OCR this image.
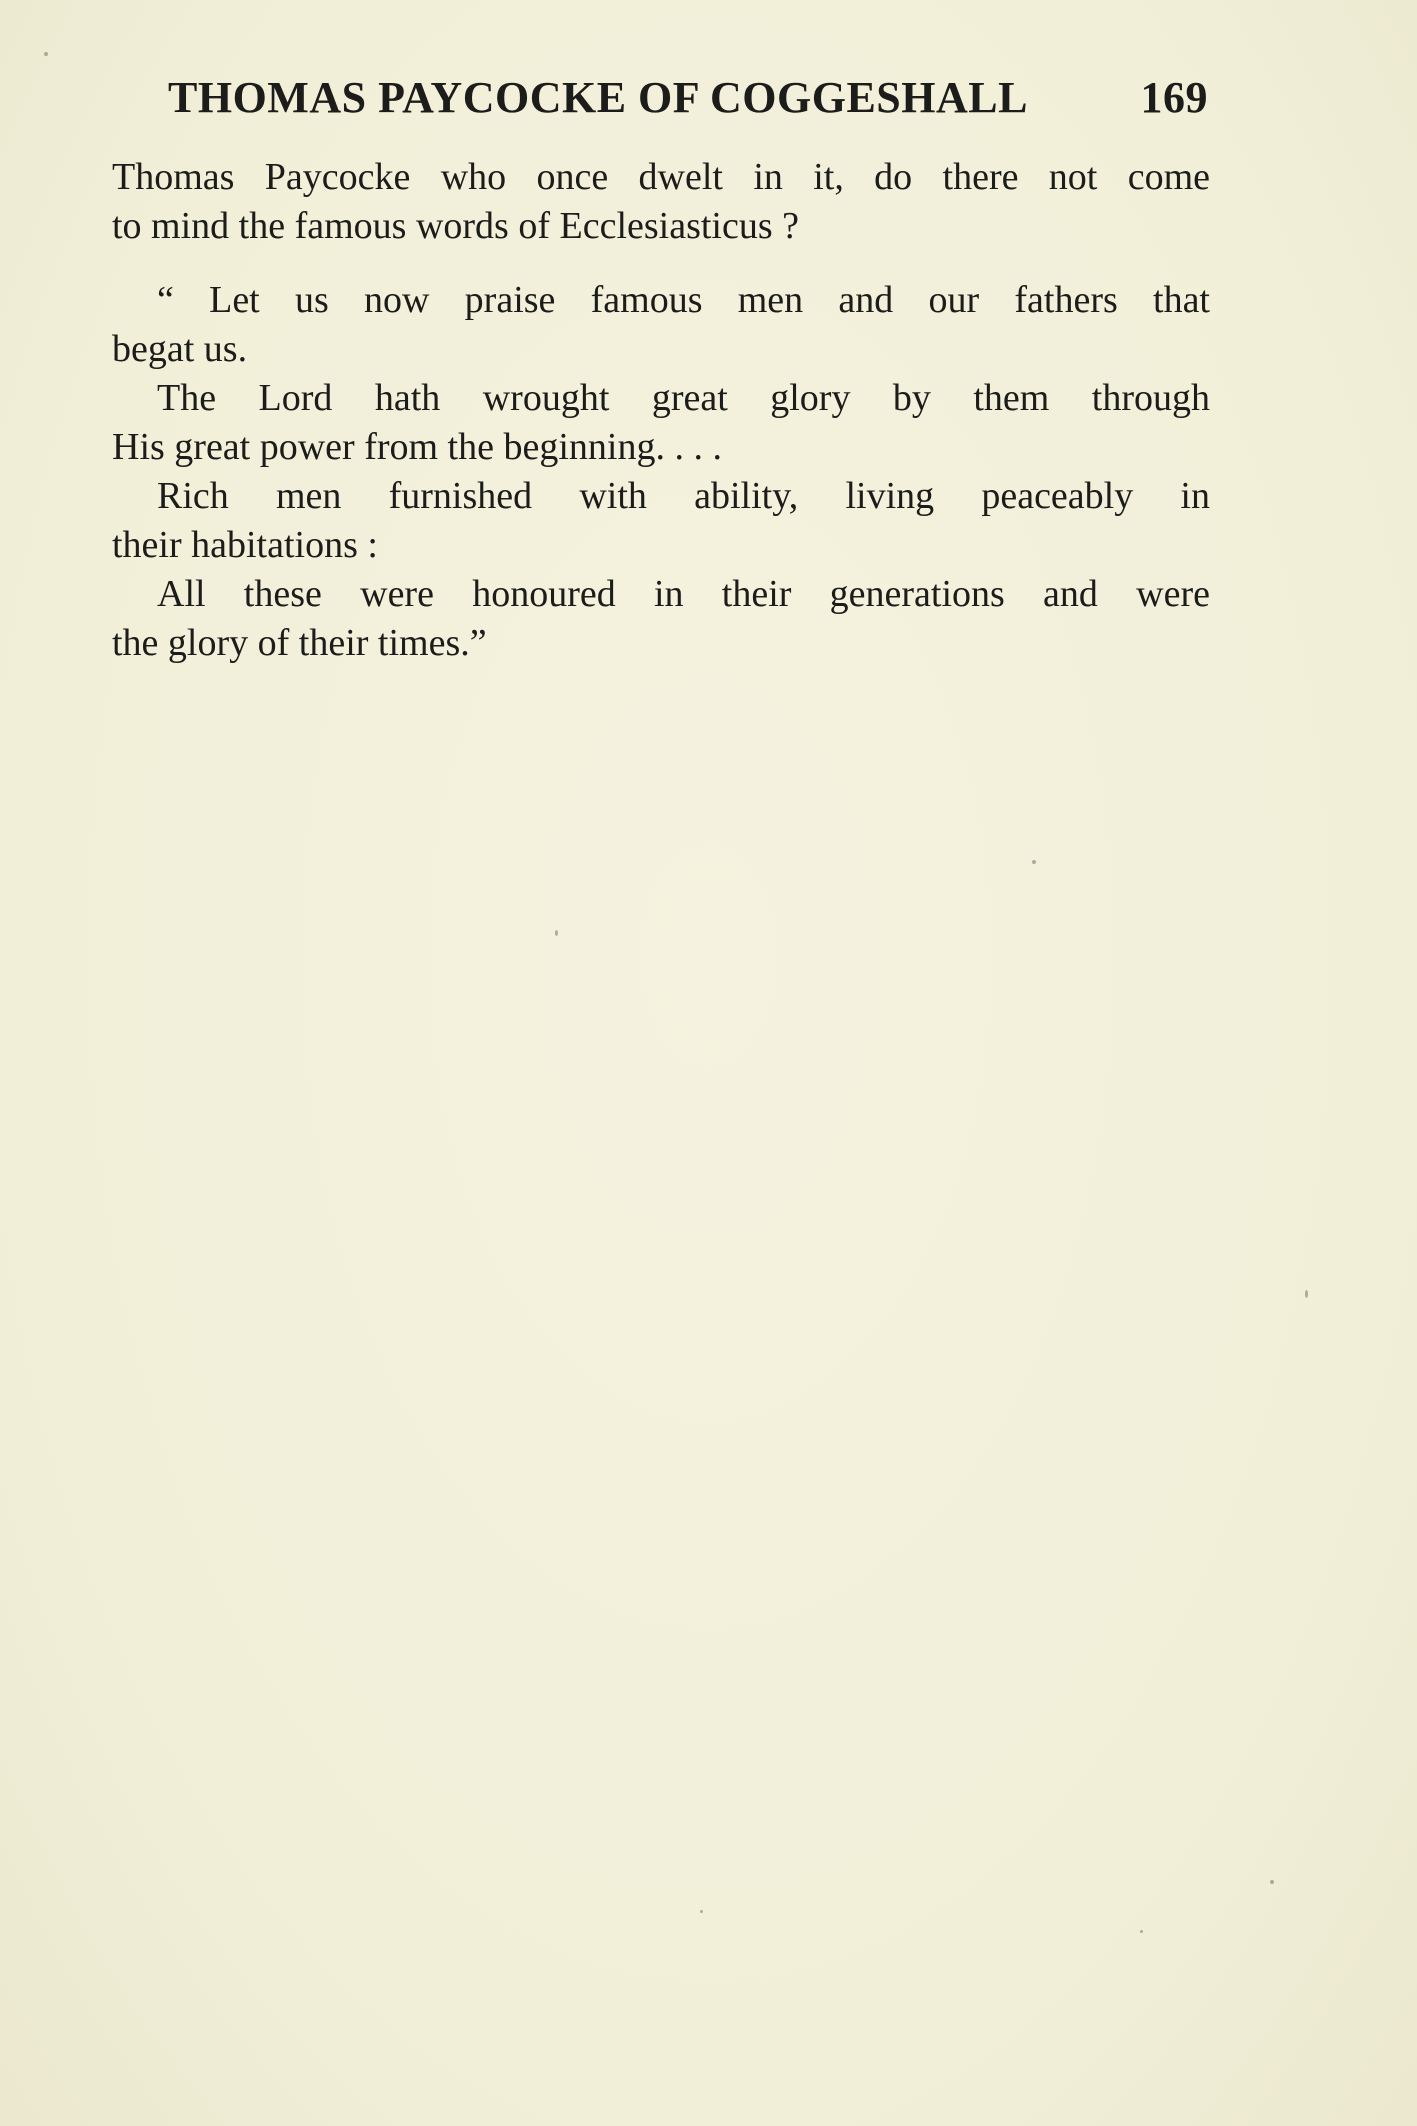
THOMAS PAYCOCKE OF COGGESHALL	169
Thomas Paycocke who once dwelt in it, do there not come
to mind the famous words of Ecclesiasticus ?
“ Let us now praise famous men and our fathers that
begat us.
The Lord hath wrought great glory by them through
His great power from the beginning. . . .
Rich men furnished with ability, living peaceably in
their habitations :
All these were honoured in their generations and were
the glory of their times.”
